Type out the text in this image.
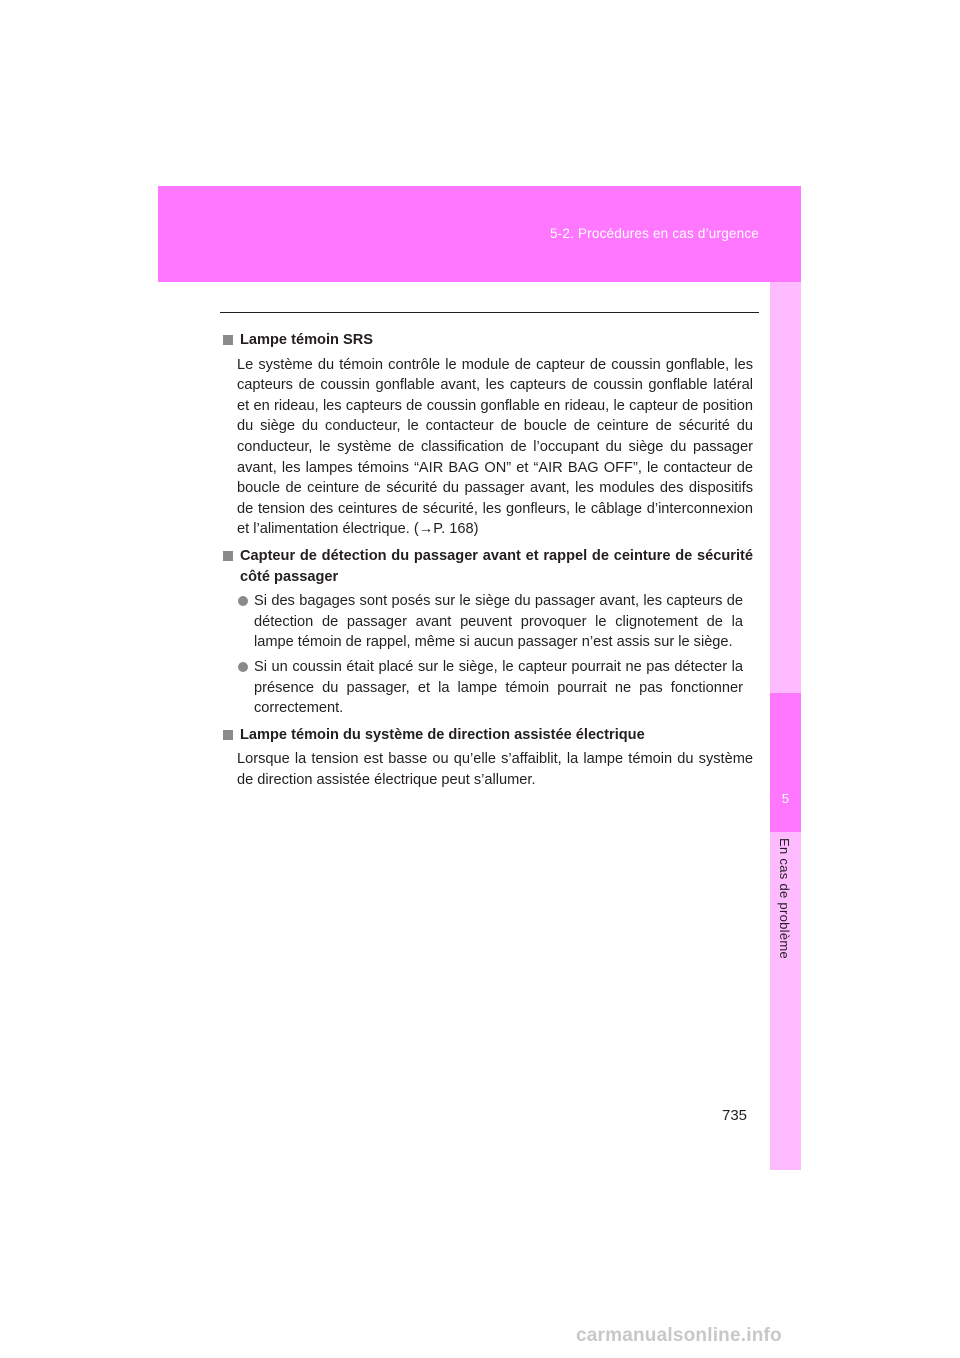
5-2. Procédures en cas d’urgence
5
En cas de problème
Lampe témoin SRS
Le système du témoin contrôle le module de capteur de coussin gonflable, les capteurs de coussin gonflable avant, les capteurs de coussin gonflable latéral et en rideau, les capteurs de coussin gonflable en rideau, le capteur de position du siège du conducteur, le contacteur de boucle de ceinture de sécurité du conducteur, le système de classification de l’occupant du siège du passager avant, les lampes témoins “AIR BAG ON” et “AIR BAG OFF”, le contacteur de boucle de ceinture de sécurité du passager avant, les modules des dispositifs de tension des ceintures de sécurité, les gonfleurs, le câblage d’interconnexion et l’alimentation électrique. (→P. 168)
Capteur de détection du passager avant et rappel de ceinture de sécurité côté passager
Si des bagages sont posés sur le siège du passager avant, les capteurs de détection de passager avant peuvent provoquer le clignotement de la lampe témoin de rappel, même si aucun passager n’est assis sur le siège.
Si un coussin était placé sur le siège, le capteur pourrait ne pas détecter la présence du passager, et la lampe témoin pourrait ne pas fonctionner correctement.
Lampe témoin du système de direction assistée électrique
Lorsque la tension est basse ou qu’elle s’affaiblit, la lampe témoin du système de direction assistée électrique peut s’allumer.
735
carmanualsonline.info
